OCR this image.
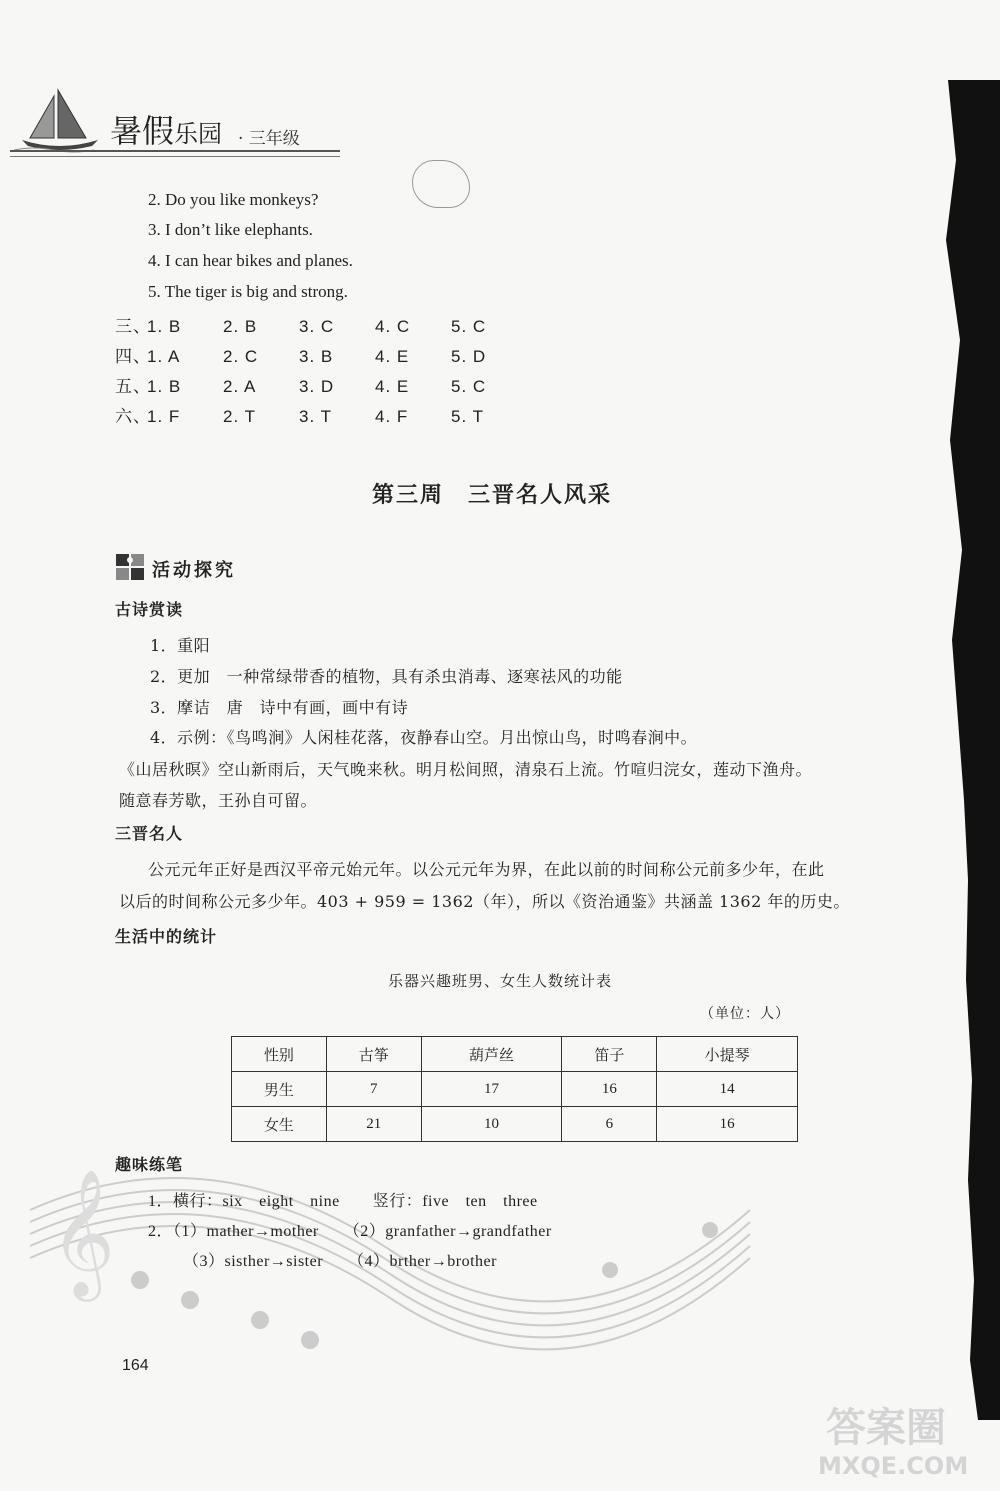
暑假乐园 · 三年级
2. Do you like monkeys?
3. I don’t like elephants.
4. I can hear bikes and planes.
5. The tiger is big and strong.
三、1. B 2. B 3. C 4. C 5. C
四、1. A	2. C 3. B 4. E 5. D
五、1. B 2. A	3. D 4. E 5. C
六、1. F	2. T	3. T	4. F	5. T
第三周　三晋名人风采
活动探究
古诗赏读
1．重阳
2．更加　一种常绿带香的植物，具有杀虫消毒、逐寒祛风的功能
3．摩诘　唐　诗中有画，画中有诗
4．示例：《鸟鸣涧》人闲桂花落，夜静春山空。月出惊山鸟，时鸣春涧中。
《山居秋暝》空山新雨后，天气晚来秋。明月松间照，清泉石上流。竹喧归浣女，莲动下渔舟。
随意春芳歇，王孙自可留。
三晋名人
公元元年正好是西汉平帝元始元年。以公元元年为界，在此以前的时间称公元前多少年，在此
以后的时间称公元多少年。403 + 959 = 1362（年），所以《资治通鉴》共涵盖 1362 年的历史。
生活中的统计
乐器兴趣班男、女生人数统计表
（单位：人）
性别	古筝	葫芦丝	笛子	小提琴
男生	7	17	16	14
女生	21	10	6	16
𝄞
趣味练笔
1．横行：six　eight　nine　　竖行：five　ten　three
2．（1）mather→mother　　（2）granfather→grandfather
（3）sisther→sister　　（4）brther→brother
164
答案圈
MXQE.COM
